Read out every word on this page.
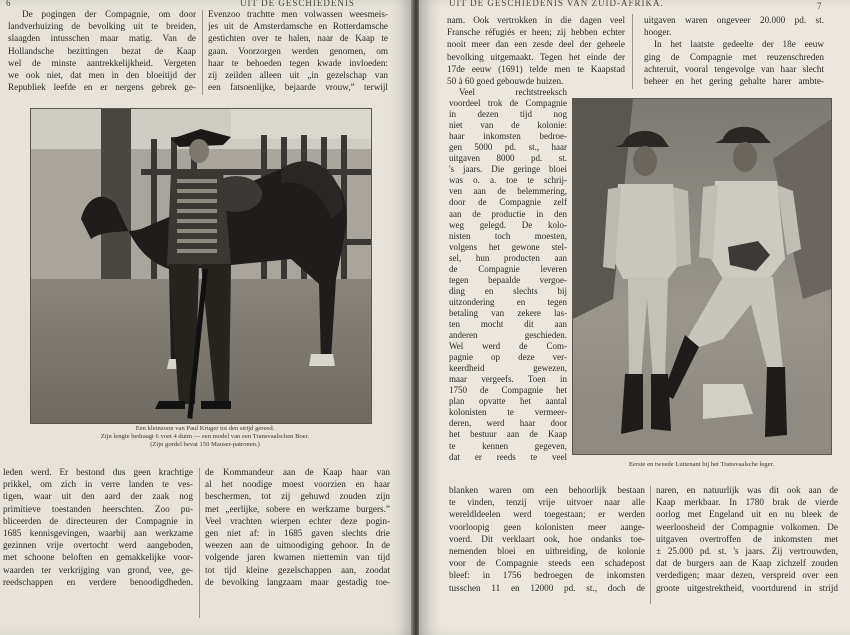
6	UIT DE GESCHIEDENIS
De pogingen der Compagnie, om door
landverhuizing de bevolking uit te breiden,
slaagden intusschen maar matig. Van de
Hollandsche bezittingen bezat de Kaap
wel de minste aantrekkelijkheid. Vergeten
we ook niet, dat men in den bloeitijd der
Republiek leefde en er nergens gebrek ge-
Evenzoo trachtte men volwassen weesmeis-
jes uit de Amsterdamsche en Rotterdamsche
gestichten over te halen, naar de Kaap te
gaan. Voorzorgen werden genomen, om
haar te behoeden tegen kwade invloeden:
zij zeilden alleen uit „in gezelschap van
een fatsoenlijke, bejaarde vrouw,” terwijl
Een kleinzoon van Paul Kruger tot den strijd gereed.
Zijn lengte bedraagt 6 voet 4 duim — een model van een Transvaalschen Boer.
(Zijn gordel bevat 150 Mauser-patronen.)
leden werd. Er bestond dus geen krachtige
prikkel, om zich in verre landen te ves-
tigen, waar uit den aard der zaak nog
primitieve toestanden heerschten. Zoo pu-
bliceerden de directeuren der Compagnie in
1685 kennisgevingen, waarbij aan werkzame
gezinnen vrije overtocht werd aangeboden,
met schoone beloften en gemakkelijke voor-
waarden ter verkrijging van grond, vee, ge-
reedschappen en verdere benoodigdheden.
de Kommandeur aan de Kaap haar van
al het noodige moest voorzien en haar
beschermen, tot zij gehuwd zouden zijn
met „eerlijke, sobere en werkzame burgers.”
Veel vrachten wierpen echter deze pogin-
gen niet af: in 1685 gaven slechts drie
weezen aan de uitnoodiging gehoor. In de
volgende jaren kwamen niettemin van tijd
tot tijd kleine gezelschappen aan, zoodat
de bevolking langzaam maar gestadig toe-
UIT DE GESCHIEDENIS VAN ZUID-AFRIKA.	7
nam. Ook vertrokken in die dagen veel
Fransche réfugiés er heen; zij hebben echter
nooit meer dan een zesde deel der geheele
bevolking uitgemaakt. Tegen het einde der
17de eeuw (1691) telde men te Kaapstad
50 à 60 goed gebouwde huizen.
uitgaven waren ongeveer 20.000 pd. st.
hooger.
In het laatste gedeelte der 18e eeuw
ging de Compagnie met reuzenschreden
achteruit, vooral tengevolge van haar slecht
beheer en het gering gehalte harer ambte-
Veel rechtstreeksch
voordeel trok de Compagnie
in dezen tijd nog
niet van de kolonie:
haar inkomsten bedroe-
gen 5000 pd. st., haar
uitgaven 8000 pd. st.
's jaars. Die geringe bloei
was o. a. toe te schrij-
ven aan de belemmering,
door de Compagnie zelf
aan de productie in den
weg gelegd. De kolo-
nisten toch moesten,
volgens het gewone stel-
sel, hun producten aan
de Compagnie leveren
tegen bepaalde vergoe-
ding en slechts bij
uitzondering en tegen
betaling van zekere las-
ten mocht dit aan
anderen geschieden.
Wel werd de Com-
pagnie op deze ver-
keerdheid gewezen,
maar vergeefs. Toen in
1750 de Compagnie het
plan opvatte het aantal
kolonisten te vermeer-
deren, werd haar door
het bestuur aan de Kaap
te kennen gegeven,
dat er reeds te veel
Eerste en tweede Luitenant bij het Transvaalsche leger.
blanken waren om een behoorlijk bestaan
te vinden, tenzij vrije uitvoer naar alle
wereldldeelen werd toegestaan; er werden
voorloopig geen kolonisten meer aange-
voerd. Dit verklaart ook, hoe ondanks toe-
nemenden bloei en uitbreiding, de kolonie
voor de Compagnie steeds een schadepost
bleef: in 1756 bedroegen de inkomsten
tusschen 11 en 12000 pd. st., doch de
naren, en natuurlijk was dit ook aan de
Kaap merkbaar. In 1780 brak de vierde
oorlog met Engeland uit en nu bleek de
weerloosheid der Compagnie volkomen. De
uitgaven overtroffen de inkomsten met
± 25.000 pd. st. 's jaars. Zij vertrouwden,
dat de burgers aan de Kaap zichzelf zouden
verdedigen; maar dezen, verspreid over een
groote uitgestrektheid, voortdurend in strijd
